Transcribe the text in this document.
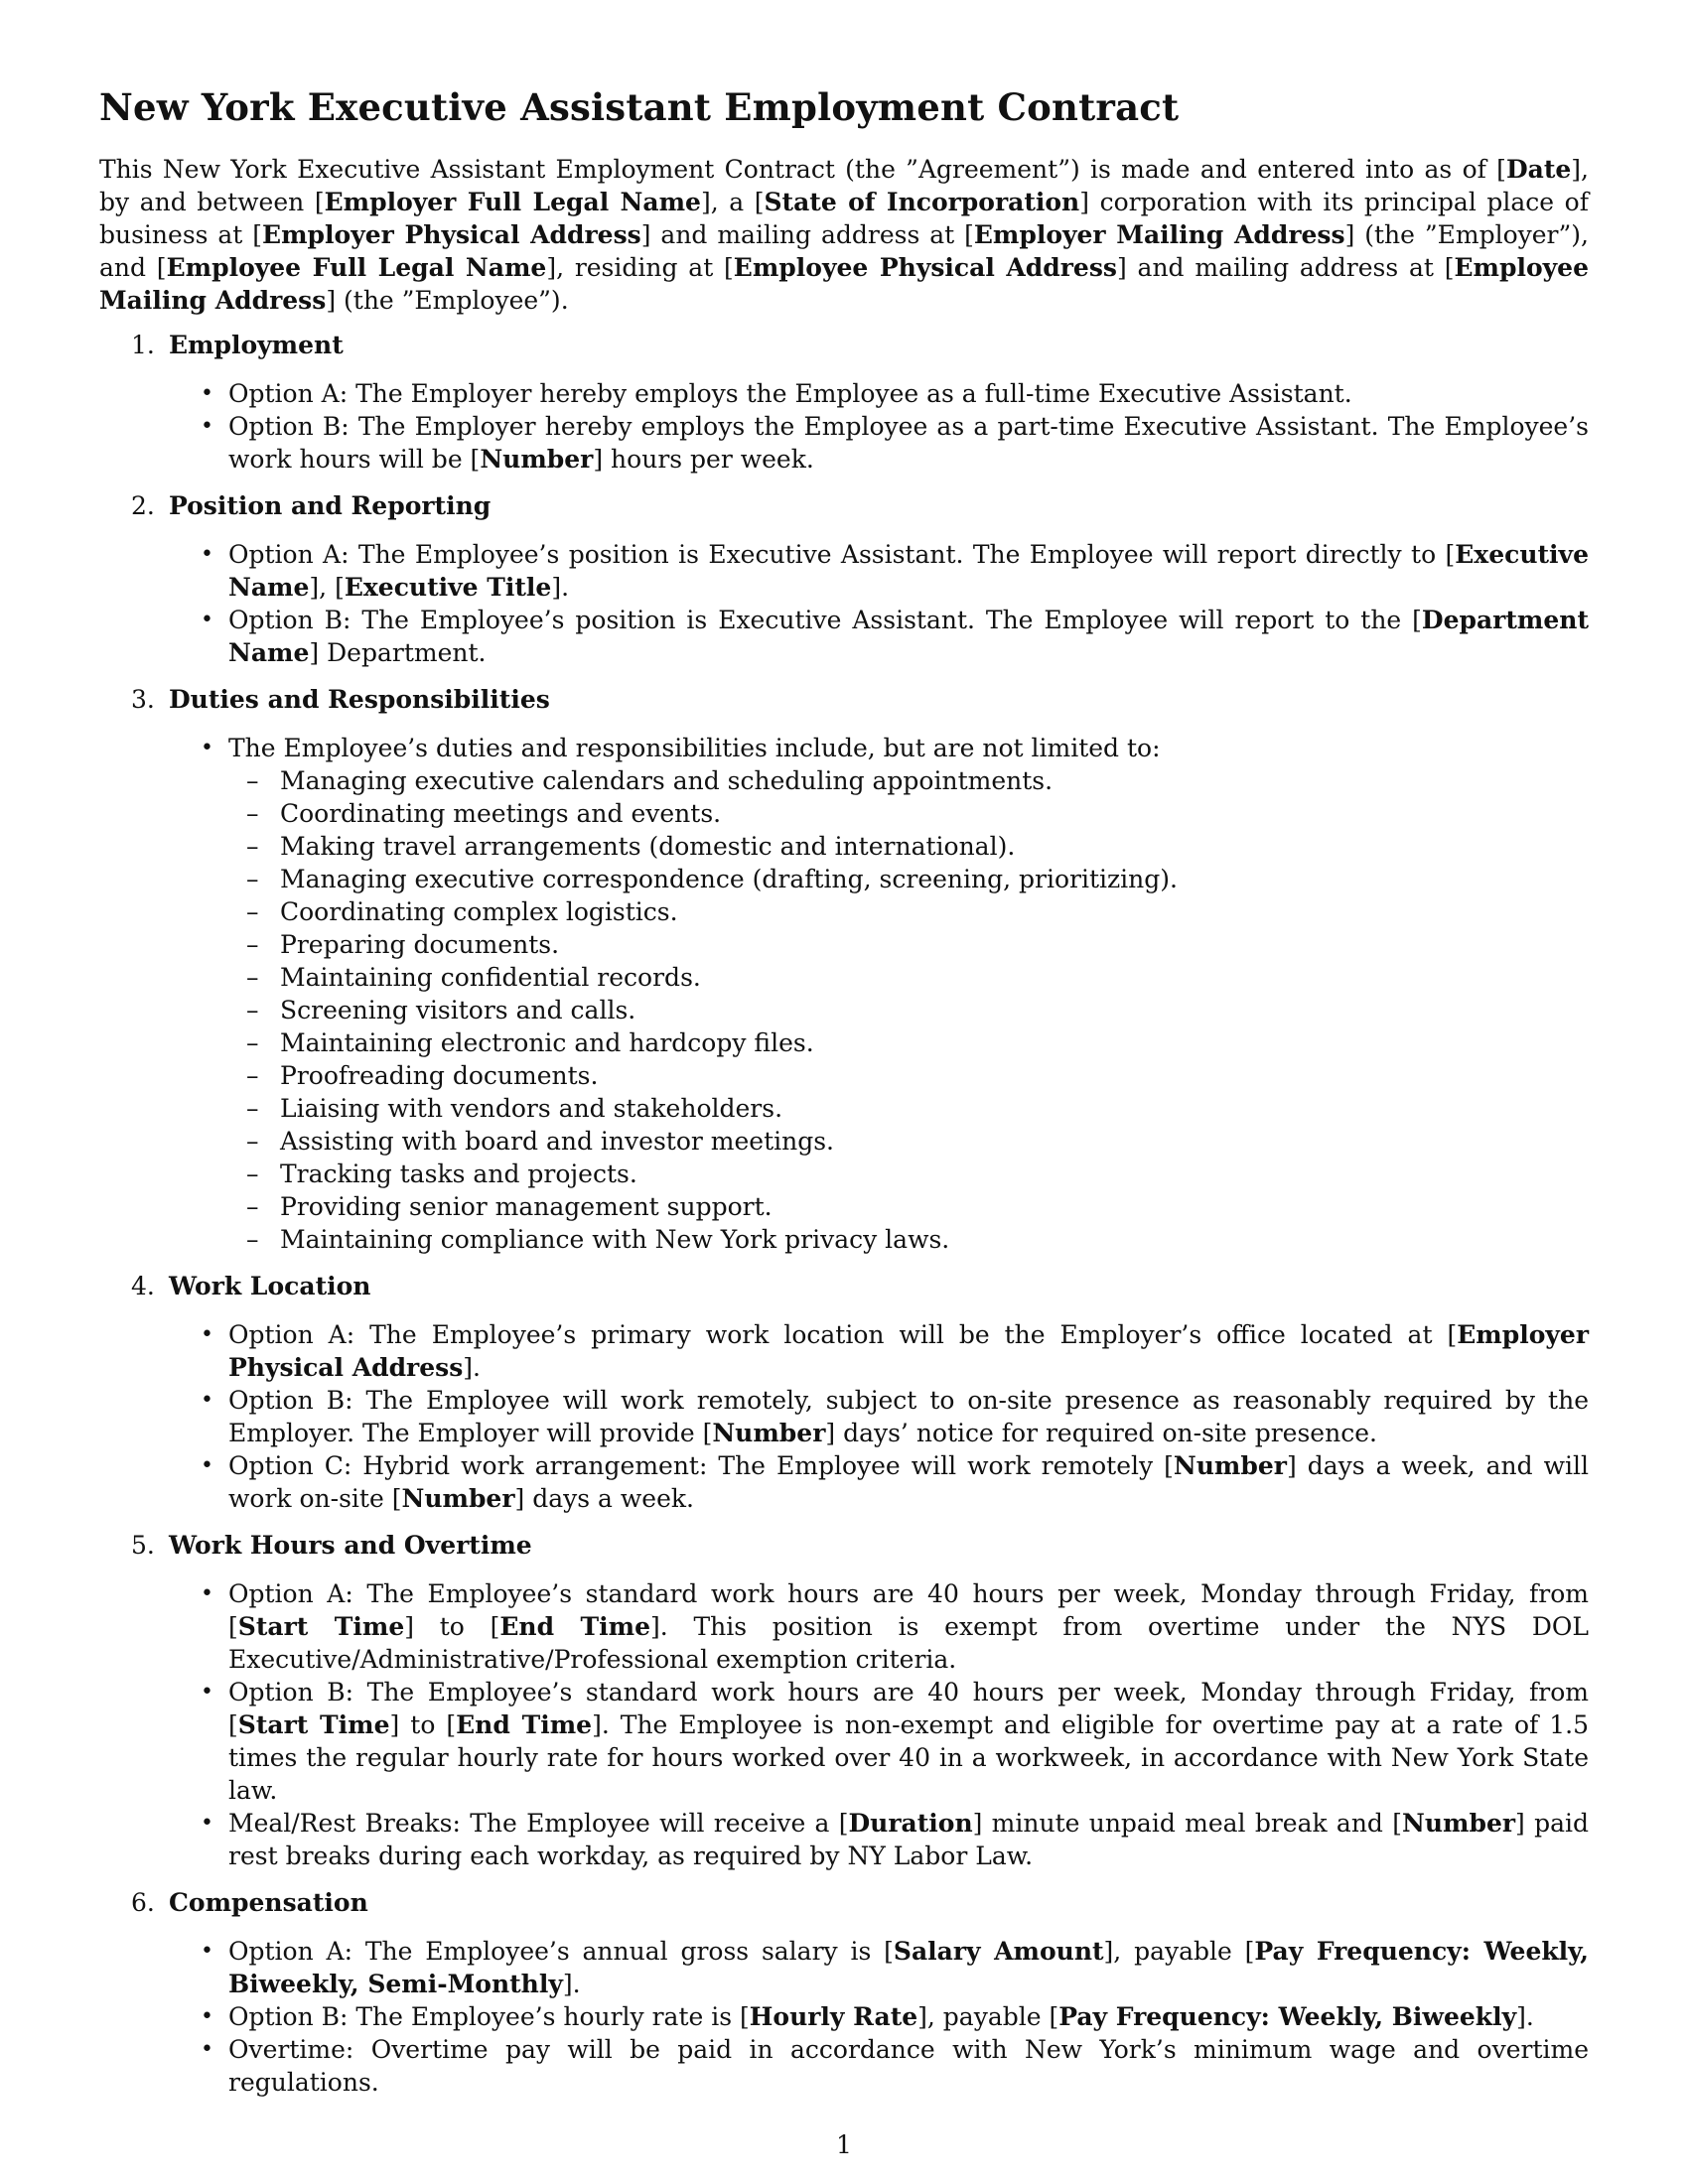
New York Executive Assistant Employment Contract

This New York Executive Assistant Employment Contract (the ”Agreement”) is made and entered into as of [Date], by and between [Employer Full Legal Name], a [State of Incorporation] corporation with its principal place of business at [Employer Physical Address] and mailing address at [Employer Mailing Address] (the ”Employer”), and [Employee Full Legal Name], residing at [Employee Physical Address] and mailing address at [Employee Mailing Address] (the ”Employee”).

1. Employment
• Option A: The Employer hereby employs the Employee as a full-time Executive Assistant.
• Option B: The Employer hereby employs the Employee as a part-time Executive Assistant. The Employee’s work hours will be [Number] hours per week.
2. Position and Reporting
• Option A: The Employee’s position is Executive Assistant. The Employee will report directly to [Executive Name], [Executive Title].
• Option B: The Employee’s position is Executive Assistant. The Employee will report to the [Department Name] Department.
3. Duties and Responsibilities
• The Employee’s duties and responsibilities include, but are not limited to:
– Managing executive calendars and scheduling appointments.
– Coordinating meetings and events.
– Making travel arrangements (domestic and international).
– Managing executive correspondence (drafting, screening, prioritizing).
– Coordinating complex logistics.
– Preparing documents.
– Maintaining confidential records.
– Screening visitors and calls.
– Maintaining electronic and hardcopy files.
– Proofreading documents.
– Liaising with vendors and stakeholders.
– Assisting with board and investor meetings.
– Tracking tasks and projects.
– Providing senior management support.
– Maintaining compliance with New York privacy laws.
4. Work Location
• Option A: The Employee’s primary work location will be the Employer’s office located at [Employer Physical Address].
• Option B: The Employee will work remotely, subject to on-site presence as reasonably required by the Employer. The Employer will provide [Number] days’ notice for required on-site presence.
• Option C: Hybrid work arrangement: The Employee will work remotely [Number] days a week, and will work on-site [Number] days a week.
5. Work Hours and Overtime
• Option A: The Employee’s standard work hours are 40 hours per week, Monday through Friday, from [Start Time] to [End Time]. This position is exempt from overtime under the NYS DOL Executive/Administrative/Professional exemption criteria.
• Option B: The Employee’s standard work hours are 40 hours per week, Monday through Friday, from [Start Time] to [End Time]. The Employee is non-exempt and eligible for overtime pay at a rate of 1.5 times the regular hourly rate for hours worked over 40 in a workweek, in accordance with New York State law.
• Meal/Rest Breaks: The Employee will receive a [Duration] minute unpaid meal break and [Number] paid rest breaks during each workday, as required by NY Labor Law.
6. Compensation
• Option A: The Employee’s annual gross salary is [Salary Amount], payable [Pay Frequency: Weekly, Biweekly, Semi-Monthly].
• Option B: The Employee’s hourly rate is [Hourly Rate], payable [Pay Frequency: Weekly, Biweekly].
• Overtime: Overtime pay will be paid in accordance with New York’s minimum wage and overtime regulations.
1
